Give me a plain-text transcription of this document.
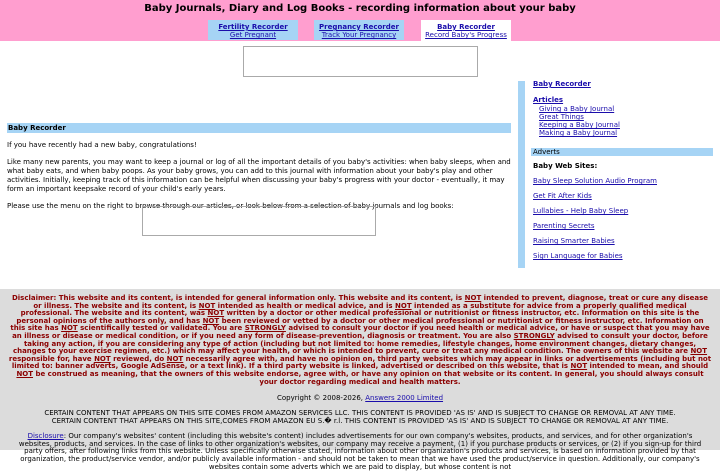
Baby Journals, Diary and Log Books - recording information about your baby
Fertility Recorder
Get Pregnant
Pregnancy Recorder
Track Your Pregnancy
Baby Recorder
Record Baby's Progress
Baby Recorder

If you have recently had a new baby, congratulations!

Like many new parents, you may want to keep a journal or log of all the important details of you baby's activities: when baby sleeps, when and what baby eats, and when baby poops. As your baby grows, you can add to this journal with information about your baby's play and other activities. Initially, keeping track of this information can be helpful when discussing your baby's progress with your doctor - eventually, it may form an important keepsake record of your child's early years.

Please use the menu on the right to browse through our articles, or look below from a selection of baby journals and log books:

Baby Recorder
Articles
Giving a Baby Journal
Great Things
Keeping a Baby Journal
Making a Baby Journal
Adverts
Baby Web Sites:
Baby Sleep Solution Audio Program
Get Fit After Kids
Lullabies - Help Baby Sleep
Parenting Secrets
Raising Smarter Babies
Sign Language for Babies
Disclaimer: This website and its content, is intended for general information only. This website and its content, is NOT intended to prevent, diagnose, treat or cure any disease or illness. The website and its content, is NOT intended as health or medical advice, and is NOT intended as a substitute for advice from a properly qualified medical professional. The website and its content, was NOT written by a doctor or other medical professional or nutritionist or fitness instructor, etc. Information on this site is the personal opinions of the authors only, and has NOT been reviewed or vetted by a doctor or other medical professional or nutritionist or fitness instructor, etc. Information on this site has NOT scientifically tested or validated. You are STRONGLY advised to consult your doctor if you need health or medical advice, or have or suspect that you may have an illness or disease or medical condition, or if you need any form of disease-prevention, diagnosis or treatment. You are also STRONGLY advised to consult your doctor, before taking any action, if you are considering any type of action (including but not limited to: home remedies, lifestyle changes, home environment changes, dietary changes, changes to your exercise regimen, etc.) which may affect your health, or which is intended to prevent, cure or treat any medical condition. The owners of this website are NOT responsible for, have NOT reviewed, do NOT necessarily agree with, and have no opinion on, third party websites which may appear in links or advertisements (including but not limited to: banner adverts, Google AdSense, or a text link). If a third party website is linked, advertised or described on this website, that is NOT intended to mean, and should NOT be construed as meaning, that the owners of this website endorse, agree with, or have any opinion on that website or its content. In general, you should always consult your doctor regarding medical and health matters.
Copyright © 2008-2026, Answers 2000 Limited
CERTAIN CONTENT THAT APPEARS ON THIS SITE COMES FROM AMAZON SERVICES LLC. THIS CONTENT IS PROVIDED 'AS IS' AND IS SUBJECT TO CHANGE OR REMOVAL AT ANY TIME.
CERTAIN CONTENT THAT APPEARS ON THIS SITE,COMES FROM AMAZON EU S.� r.l. THIS CONTENT IS PROVIDED 'AS IS' AND IS SUBJECT TO CHANGE OR REMOVAL AT ANY TIME.
Disclosure: Our company's websites' content (including this website's content) includes advertisements for our own company's websites, products, and services, and for other organization's websites, products, and services. In the case of links to other organization's websites, our company may receive a payment, (1) if you purchase products or services, or (2) if you sign-up for third party offers, after following links from this website. Unless specifically otherwise stated, information about other organization's products and services, is based on information provided by that organization, the product/service vendor, and/or publicly available information - and should not be taken to mean that we have used the product/service in question. Additionally, our company's websites contain some adverts which we are paid to display, but whose content is not
